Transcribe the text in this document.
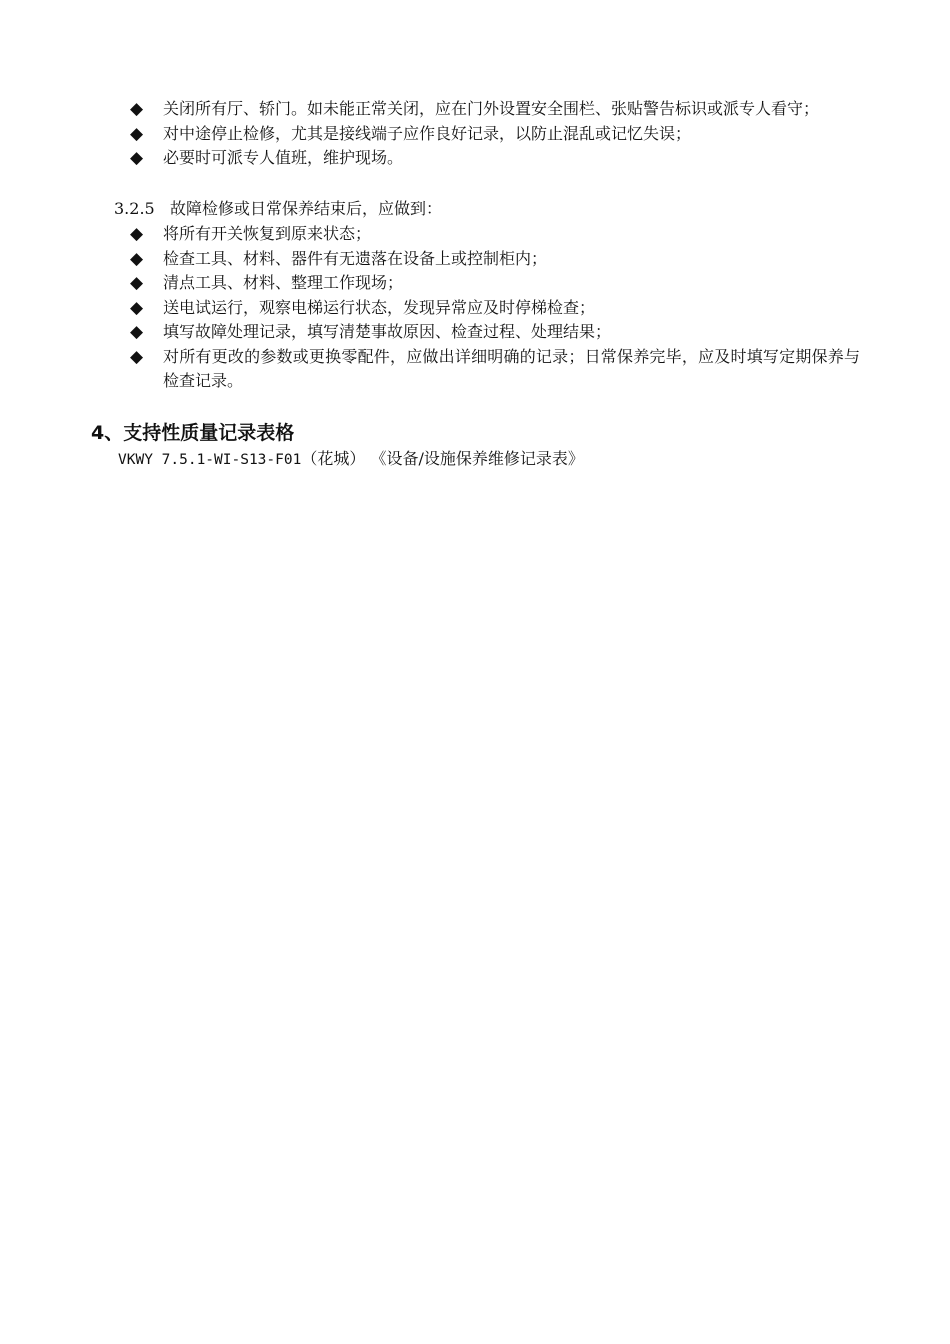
◆	关闭所有厅、轿门。如未能正常关闭，应在门外设置安全围栏、张贴警告标识或派专人看守；
◆	对中途停止检修，尤其是接线端子应作良好记录，以防止混乱或记忆失误；
◆	必要时可派专人值班，维护现场。
3.2.5 故障检修或日常保养结束后，应做到：
◆	将所有开关恢复到原来状态；
◆	检查工具、材料、器件有无遗落在设备上或控制柜内；
◆	清点工具、材料、整理工作现场；
◆	送电试运行，观察电梯运行状态，发现异常应及时停梯检查；
◆	填写故障处理记录，填写清楚事故原因、检查过程、处理结果；
◆	对所有更改的参数或更换零配件，应做出详细明确的记录；日常保养完毕，应及时填写定期保养与检查记录。
4、支持性质量记录表格
VKWY 7.5.1-WI-S13-F01（花城） 《设备/设施保养维修记录表》
